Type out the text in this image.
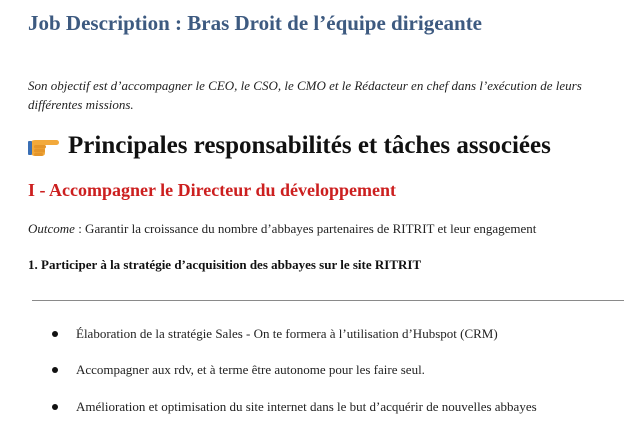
Job Description : Bras Droit de l’équipe dirigeante

Son objectif est d’accompagner le CEO, le CSO, le CMO et le Rédacteur en chef dans l’exécution de leurs différentes missions.

Principales responsabilités et tâches associées
I - Accompagner le Directeur du développement

Outcome : Garantir la croissance du nombre d’abbayes partenaires de RITRIT et leur engagement

1. Participer à la stratégie d’acquisition des abbayes sur le site RITRIT

Élaboration de la stratégie Sales - On te formera à l’utilisation d’Hubspot (CRM)
Accompagner aux rdv, et à terme être autonome pour les faire seul.
Amélioration et optimisation du site internet dans le but d’acquérir de nouvelles abbayes
